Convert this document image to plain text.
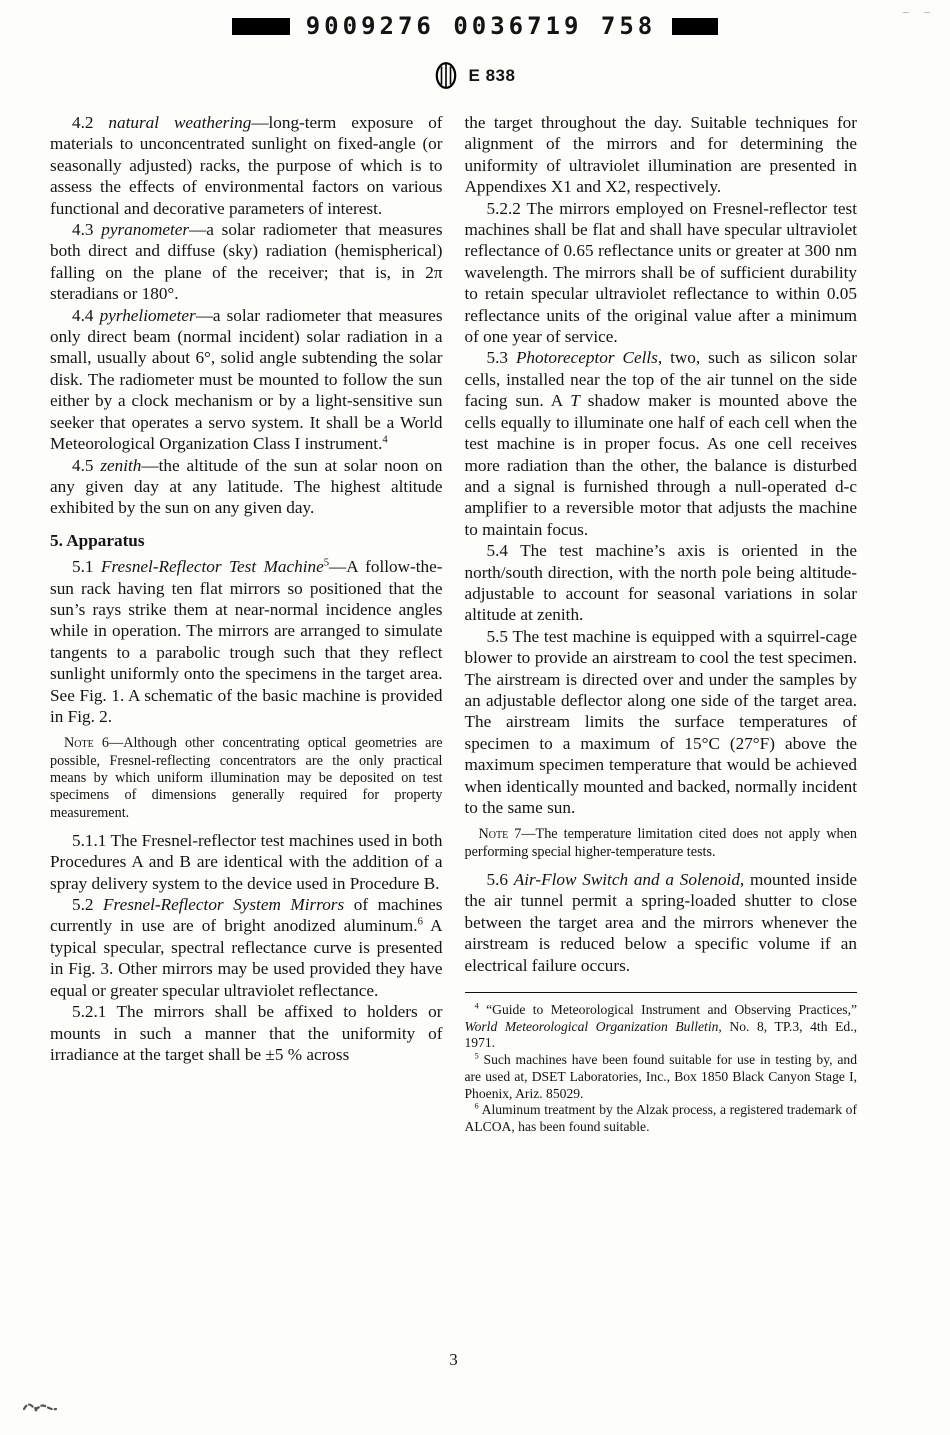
9009276 0036719 758
E 838

4.2 natural weathering—long-term exposure of materials to unconcentrated sunlight on fixed-angle (or seasonally adjusted) racks, the purpose of which is to assess the effects of environmental factors on various functional and decorative parameters of interest.

4.3 pyranometer—a solar radiometer that measures both direct and diffuse (sky) radiation (hemispherical) falling on the plane of the receiver; that is, in 2π steradians or 180°.

4.4 pyrheliometer—a solar radiometer that measures only direct beam (normal incident) solar radiation in a small, usually about 6°, solid angle subtending the solar disk. The radiometer must be mounted to follow the sun either by a clock mechanism or by a light-sensitive sun seeker that operates a servo system. It shall be a World Meteorological Organization Class I instrument.$^4$

4.5 zenith—the altitude of the sun at solar noon on any given day at any latitude. The highest altitude exhibited by the sun on any given day.

5. Apparatus

5.1 Fresnel-Reflector Test Machine$^5$—A follow-the-sun rack having ten flat mirrors so positioned that the sun’s rays strike them at near-normal incidence angles while in operation. The mirrors are arranged to simulate tangents to a parabolic trough such that they reflect sunlight uniformly onto the specimens in the target area. See Fig. 1. A schematic of the basic machine is provided in Fig. 2.

Note 6—Although other concentrating optical geometries are possible, Fresnel-reflecting concentrators are the only practical means by which uniform illumination may be deposited on test specimens of dimensions generally required for property measurement.

5.1.1 The Fresnel-reflector test machines used in both Procedures A and B are identical with the addition of a spray delivery system to the device used in Procedure B.

5.2 Fresnel-Reflector System Mirrors of machines currently in use are of bright anodized aluminum.$^6$ A typical specular, spectral reflectance curve is presented in Fig. 3. Other mirrors may be used provided they have equal or greater specular ultraviolet reflectance.

5.2.1 The mirrors shall be affixed to holders or mounts in such a manner that the uniformity of irradiance at the target shall be ±5 % across

the target throughout the day. Suitable techniques for alignment of the mirrors and for determining the uniformity of ultraviolet illumination are presented in Appendixes X1 and X2, respectively.

5.2.2 The mirrors employed on Fresnel-reflector test machines shall be flat and shall have specular ultraviolet reflectance of 0.65 reflectance units or greater at 300 nm wavelength. The mirrors shall be of sufficient durability to retain specular ultraviolet reflectance to within 0.05 reflectance units of the original value after a minimum of one year of service.

5.3 Photoreceptor Cells, two, such as silicon solar cells, installed near the top of the air tunnel on the side facing sun. A T shadow maker is mounted above the cells equally to illuminate one half of each cell when the test machine is in proper focus. As one cell receives more radiation than the other, the balance is disturbed and a signal is furnished through a null-operated d-c amplifier to a reversible motor that adjusts the machine to maintain focus.

5.4 The test machine’s axis is oriented in the north/south direction, with the north pole being altitude-adjustable to account for seasonal variations in solar altitude at zenith.

5.5 The test machine is equipped with a squirrel-cage blower to provide an airstream to cool the test specimen. The airstream is directed over and under the samples by an adjustable deflector along one side of the target area. The airstream limits the surface temperatures of specimen to a maximum of 15°C (27°F) above the maximum specimen temperature that would be achieved when identically mounted and backed, normally incident to the same sun.

Note 7—The temperature limitation cited does not apply when performing special higher-temperature tests.

5.6 Air-Flow Switch and a Solenoid, mounted inside the air tunnel permit a spring-loaded shutter to close between the target area and the mirrors whenever the airstream is reduced below a specific volume if an electrical failure occurs.

$^4$ “Guide to Meteorological Instrument and Observing Practices,” World Meteorological Organization Bulletin, No. 8, TP.3, 4th Ed., 1971.

$^5$ Such machines have been found suitable for use in testing by, and are used at, DSET Laboratories, Inc., Box 1850 Black Canyon Stage I, Phoenix, Ariz. 85029.

$^6$ Aluminum treatment by the Alzak process, a registered trademark of ALCOA, has been found suitable.

3
– –
